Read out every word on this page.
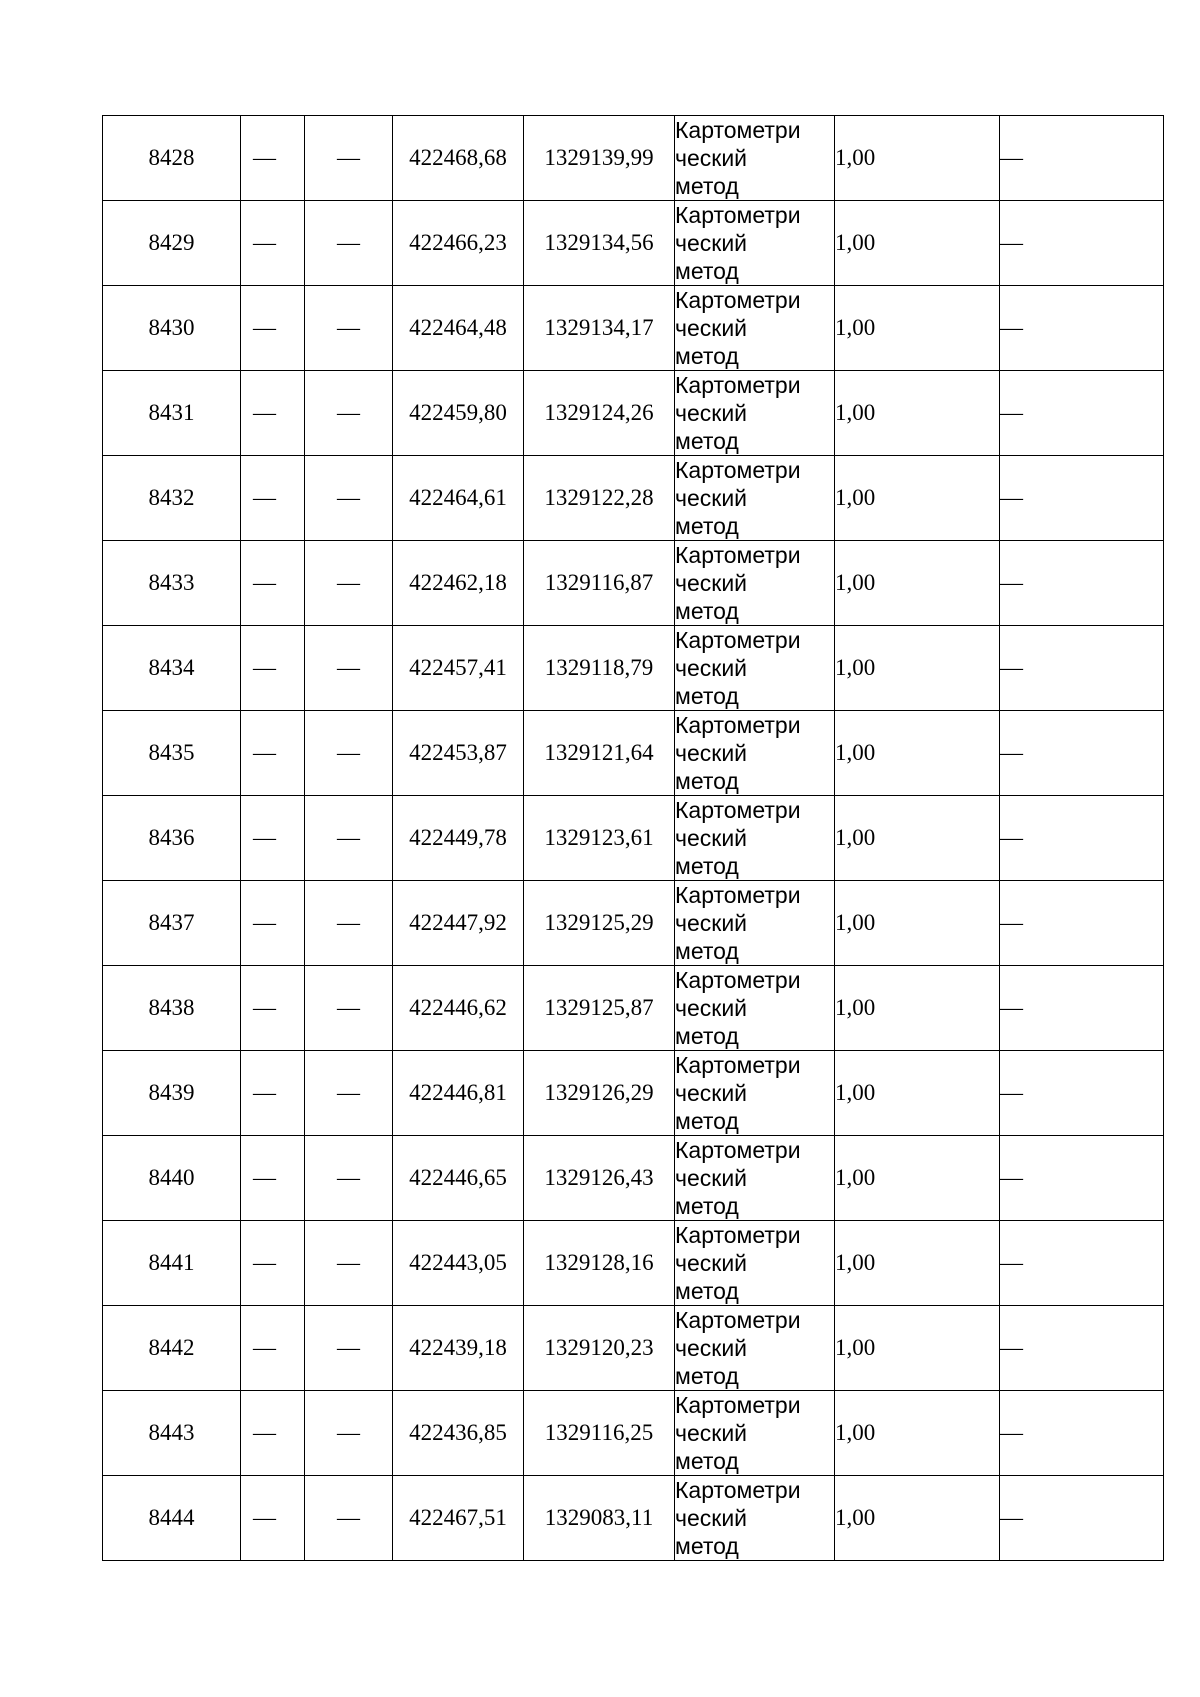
8428	—	—	422468,68	1329139,99	Картометри
ческий
метод	1,00	—
8429	—	—	422466,23	1329134,56	Картометри
ческий
метод	1,00	—
8430	—	—	422464,48	1329134,17	Картометри
ческий
метод	1,00	—
8431	—	—	422459,80	1329124,26	Картометри
ческий
метод	1,00	—
8432	—	—	422464,61	1329122,28	Картометри
ческий
метод	1,00	—
8433	—	—	422462,18	1329116,87	Картометри
ческий
метод	1,00	—
8434	—	—	422457,41	1329118,79	Картометри
ческий
метод	1,00	—
8435	—	—	422453,87	1329121,64	Картометри
ческий
метод	1,00	—
8436	—	—	422449,78	1329123,61	Картометри
ческий
метод	1,00	—
8437	—	—	422447,92	1329125,29	Картометри
ческий
метод	1,00	—
8438	—	—	422446,62	1329125,87	Картометри
ческий
метод	1,00	—
8439	—	—	422446,81	1329126,29	Картометри
ческий
метод	1,00	—
8440	—	—	422446,65	1329126,43	Картометри
ческий
метод	1,00	—
8441	—	—	422443,05	1329128,16	Картометри
ческий
метод	1,00	—
8442	—	—	422439,18	1329120,23	Картометри
ческий
метод	1,00	—
8443	—	—	422436,85	1329116,25	Картометри
ческий
метод	1,00	—
8444	—	—	422467,51	1329083,11	Картометри
ческий
метод	1,00	—
